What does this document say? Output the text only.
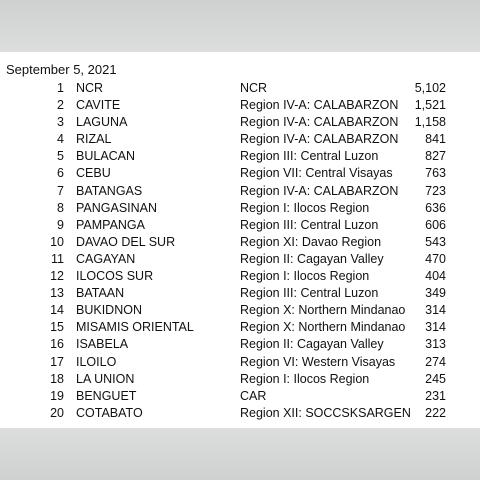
September 5, 2021
1 NCR	NCR	5,102
2 CAVITE	Region IV-A: CALABARZON 1,521
3 LAGUNA	Region IV-A: CALABARZON 1,158
4 RIZAL	Region IV-A: CALABARZON 841
5 BULACAN	Region III: Central Luzon	827
6 CEBU	Region VII: Central Visayas	763
7 BATANGAS	Region IV-A: CALABARZON 723
8 PANGASINAN	Region I: Ilocos Region	636
9 PAMPANGA	Region III: Central Luzon	606
10 DAVAO DEL SUR	Region XI: Davao Region	543
11 CAGAYAN	Region II: Cagayan Valley	470
12 ILOCOS SUR	Region I: Ilocos Region	404
13 BATAAN	Region III: Central Luzon	349
14 BUKIDNON	Region X: Northern Mindanao 314
15 MISAMIS ORIENTAL	Region X: Northern Mindanao 314
16 ISABELA	Region II: Cagayan Valley	313
17 ILOILO	Region VI: Western Visayas 274
18 LA UNION	Region I: Ilocos Region	245
19 BENGUET	CAR	231
20 COTABATO	Region XII: SOCCSKSARGEN 222
